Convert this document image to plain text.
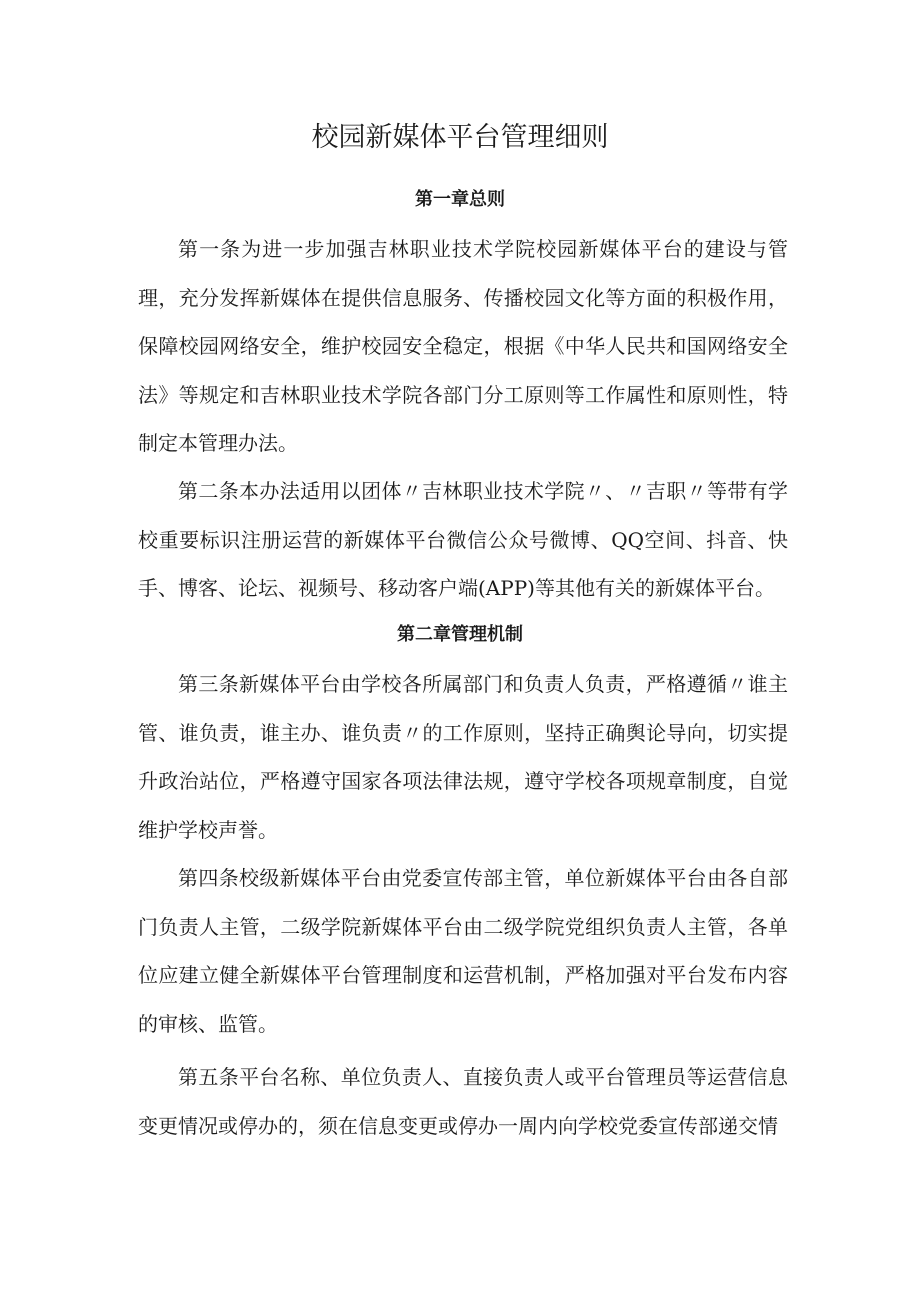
校园新媒体平台管理细则
第一章总则

第一条为进一步加强吉林职业技术学院校园新媒体平台的建设与管理，充分发挥新媒体在提供信息服务、传播校园文化等方面的积极作用，保障校园网络安全，维护校园安全稳定，根据《中华人民共和国网络安全法》等规定和吉林职业技术学院各部门分工原则等工作属性和原则性，特制定本管理办法。

第二条本办法适用以团体〃吉林职业技术学院〃、〃吉职〃等带有学校重要标识注册运营的新媒体平台微信公众号微博、QQ空间、抖音、快手、博客、论坛、视频号、移动客户端(APP)等其他有关的新媒体平台。

第二章管理机制

第三条新媒体平台由学校各所属部门和负责人负责，严格遵循〃谁主管、谁负责，谁主办、谁负责〃的工作原则，坚持正确舆论导向，切实提升政治站位，严格遵守国家各项法律法规，遵守学校各项规章制度，自觉维护学校声誉。

第四条校级新媒体平台由党委宣传部主管，单位新媒体平台由各自部门负责人主管，二级学院新媒体平台由二级学院党组织负责人主管，各单位应建立健全新媒体平台管理制度和运营机制，严格加强对平台发布内容的审核、监管。

第五条平台名称、单位负责人、直接负责人或平台管理员等运营信息变更情况或停办的，须在信息变更或停办一周内向学校党委宣传部递交情
